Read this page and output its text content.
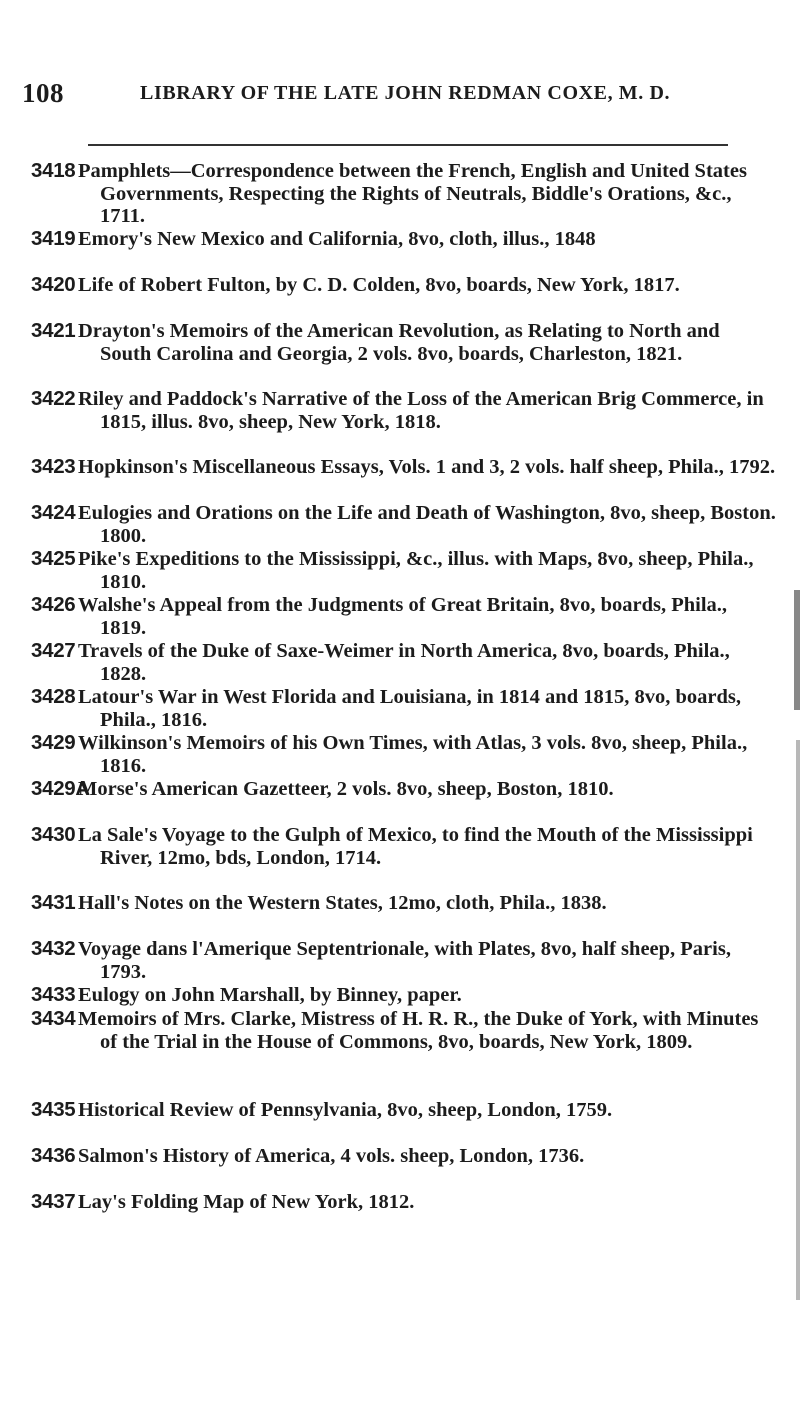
108	LIBRARY OF THE LATE JOHN REDMAN COXE, M. D.
3418 Pamphlets—Correspondence between the French, English and United States Governments, Respecting the Rights of Neutrals, Biddle's Orations, &c., 1711.
3419 Emory's New Mexico and California, 8vo, cloth, illus., 1848
3420 Life of Robert Fulton, by C. D. Colden, 8vo, boards, New York, 1817.
3421 Drayton's Memoirs of the American Revolution, as Relating to North and South Carolina and Georgia, 2 vols. 8vo, boards, Charleston, 1821.
3422 Riley and Paddock's Narrative of the Loss of the American Brig Commerce, in 1815, illus. 8vo, sheep, New York, 1818.
3423 Hopkinson's Miscellaneous Essays, Vols. 1 and 3, 2 vols. half sheep, Phila., 1792.
3424 Eulogies and Orations on the Life and Death of Washington, 8vo, sheep, Boston. 1800.
3425 Pike's Expeditions to the Mississippi, &c., illus. with Maps, 8vo, sheep, Phila., 1810.
3426 Walshe's Appeal from the Judgments of Great Britain, 8vo, boards, Phila., 1819.
3427 Travels of the Duke of Saxe-Weimer in North America, 8vo, boards, Phila., 1828.
3428 Latour's War in West Florida and Louisiana, in 1814 and 1815, 8vo, boards, Phila., 1816.
3429 Wilkinson's Memoirs of his Own Times, with Atlas, 3 vols. 8vo, sheep, Phila., 1816.
3429A
Morse's American Gazetteer, 2 vols. 8vo, sheep, Boston, 1810.
3430 La Sale's Voyage to the Gulph of Mexico, to find the Mouth of the Mississippi River, 12mo, bds, London, 1714.
3431 Hall's Notes on the Western States, 12mo, cloth, Phila., 1838.
3432 Voyage dans l'Amerique Septentrionale, with Plates, 8vo, half sheep, Paris, 1793.
3433 Eulogy on John Marshall, by Binney, paper.
3434 Memoirs of Mrs. Clarke, Mistress of H. R. R., the Duke of York, with Minutes of the Trial in the House of Commons, 8vo, boards, New York, 1809.
3435 Historical Review of Pennsylvania, 8vo, sheep, London, 1759.
3436 Salmon's History of America, 4 vols. sheep, London, 1736.
3437 Lay's Folding Map of New York, 1812.
